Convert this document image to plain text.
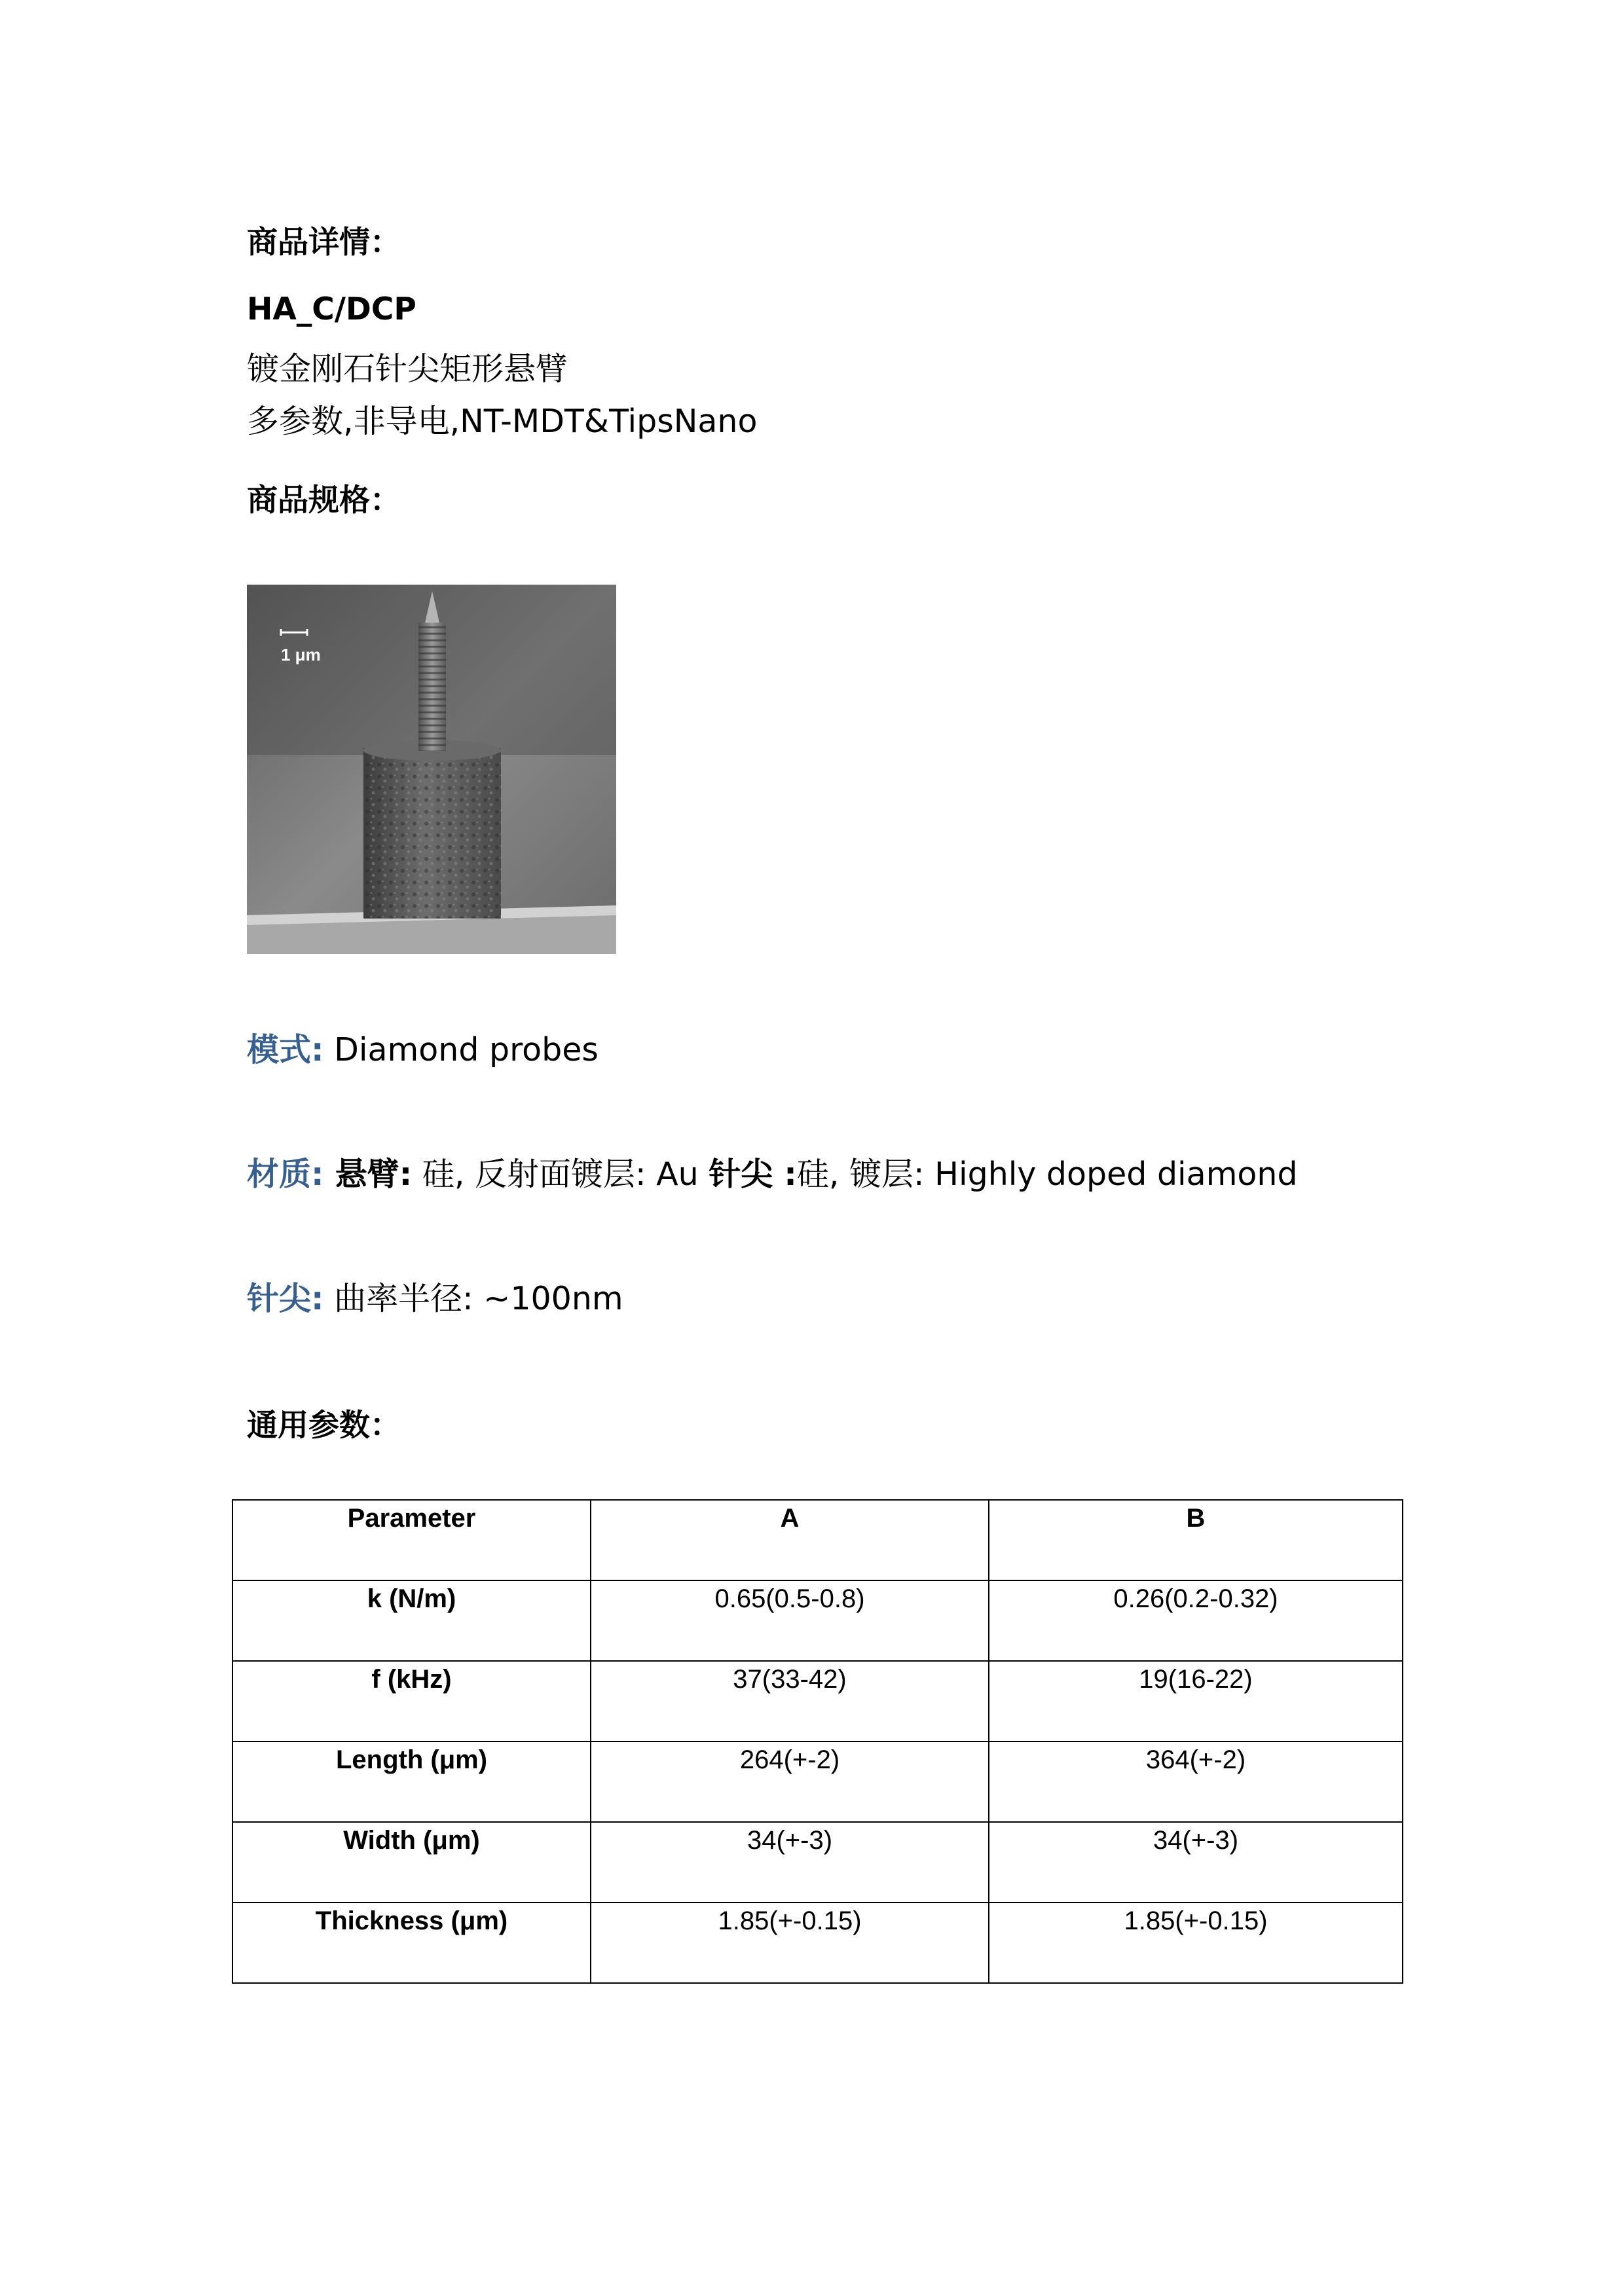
商品详情：
HA_C/DCP
镀金刚石针尖矩形悬臂
多参数,非导电,NT-MDT&TipsNano
商品规格：
1 μm
模式: Diamond probes
材质: 悬臂: 硅, 反射面镀层: Au 针尖 :硅, 镀层: Highly doped diamond
针尖: 曲率半径: ~100nm
通用参数：
Parameter	A	B
k (N/m)	0.65(0.5-0.8)	0.26(0.2-0.32)
f (kHz)	37(33-42)	19(16-22)
Length (μm)	264(+-2)	364(+-2)
Width (μm)	34(+-3)	34(+-3)
Thickness (μm)	1.85(+-0.15)	1.85(+-0.15)
